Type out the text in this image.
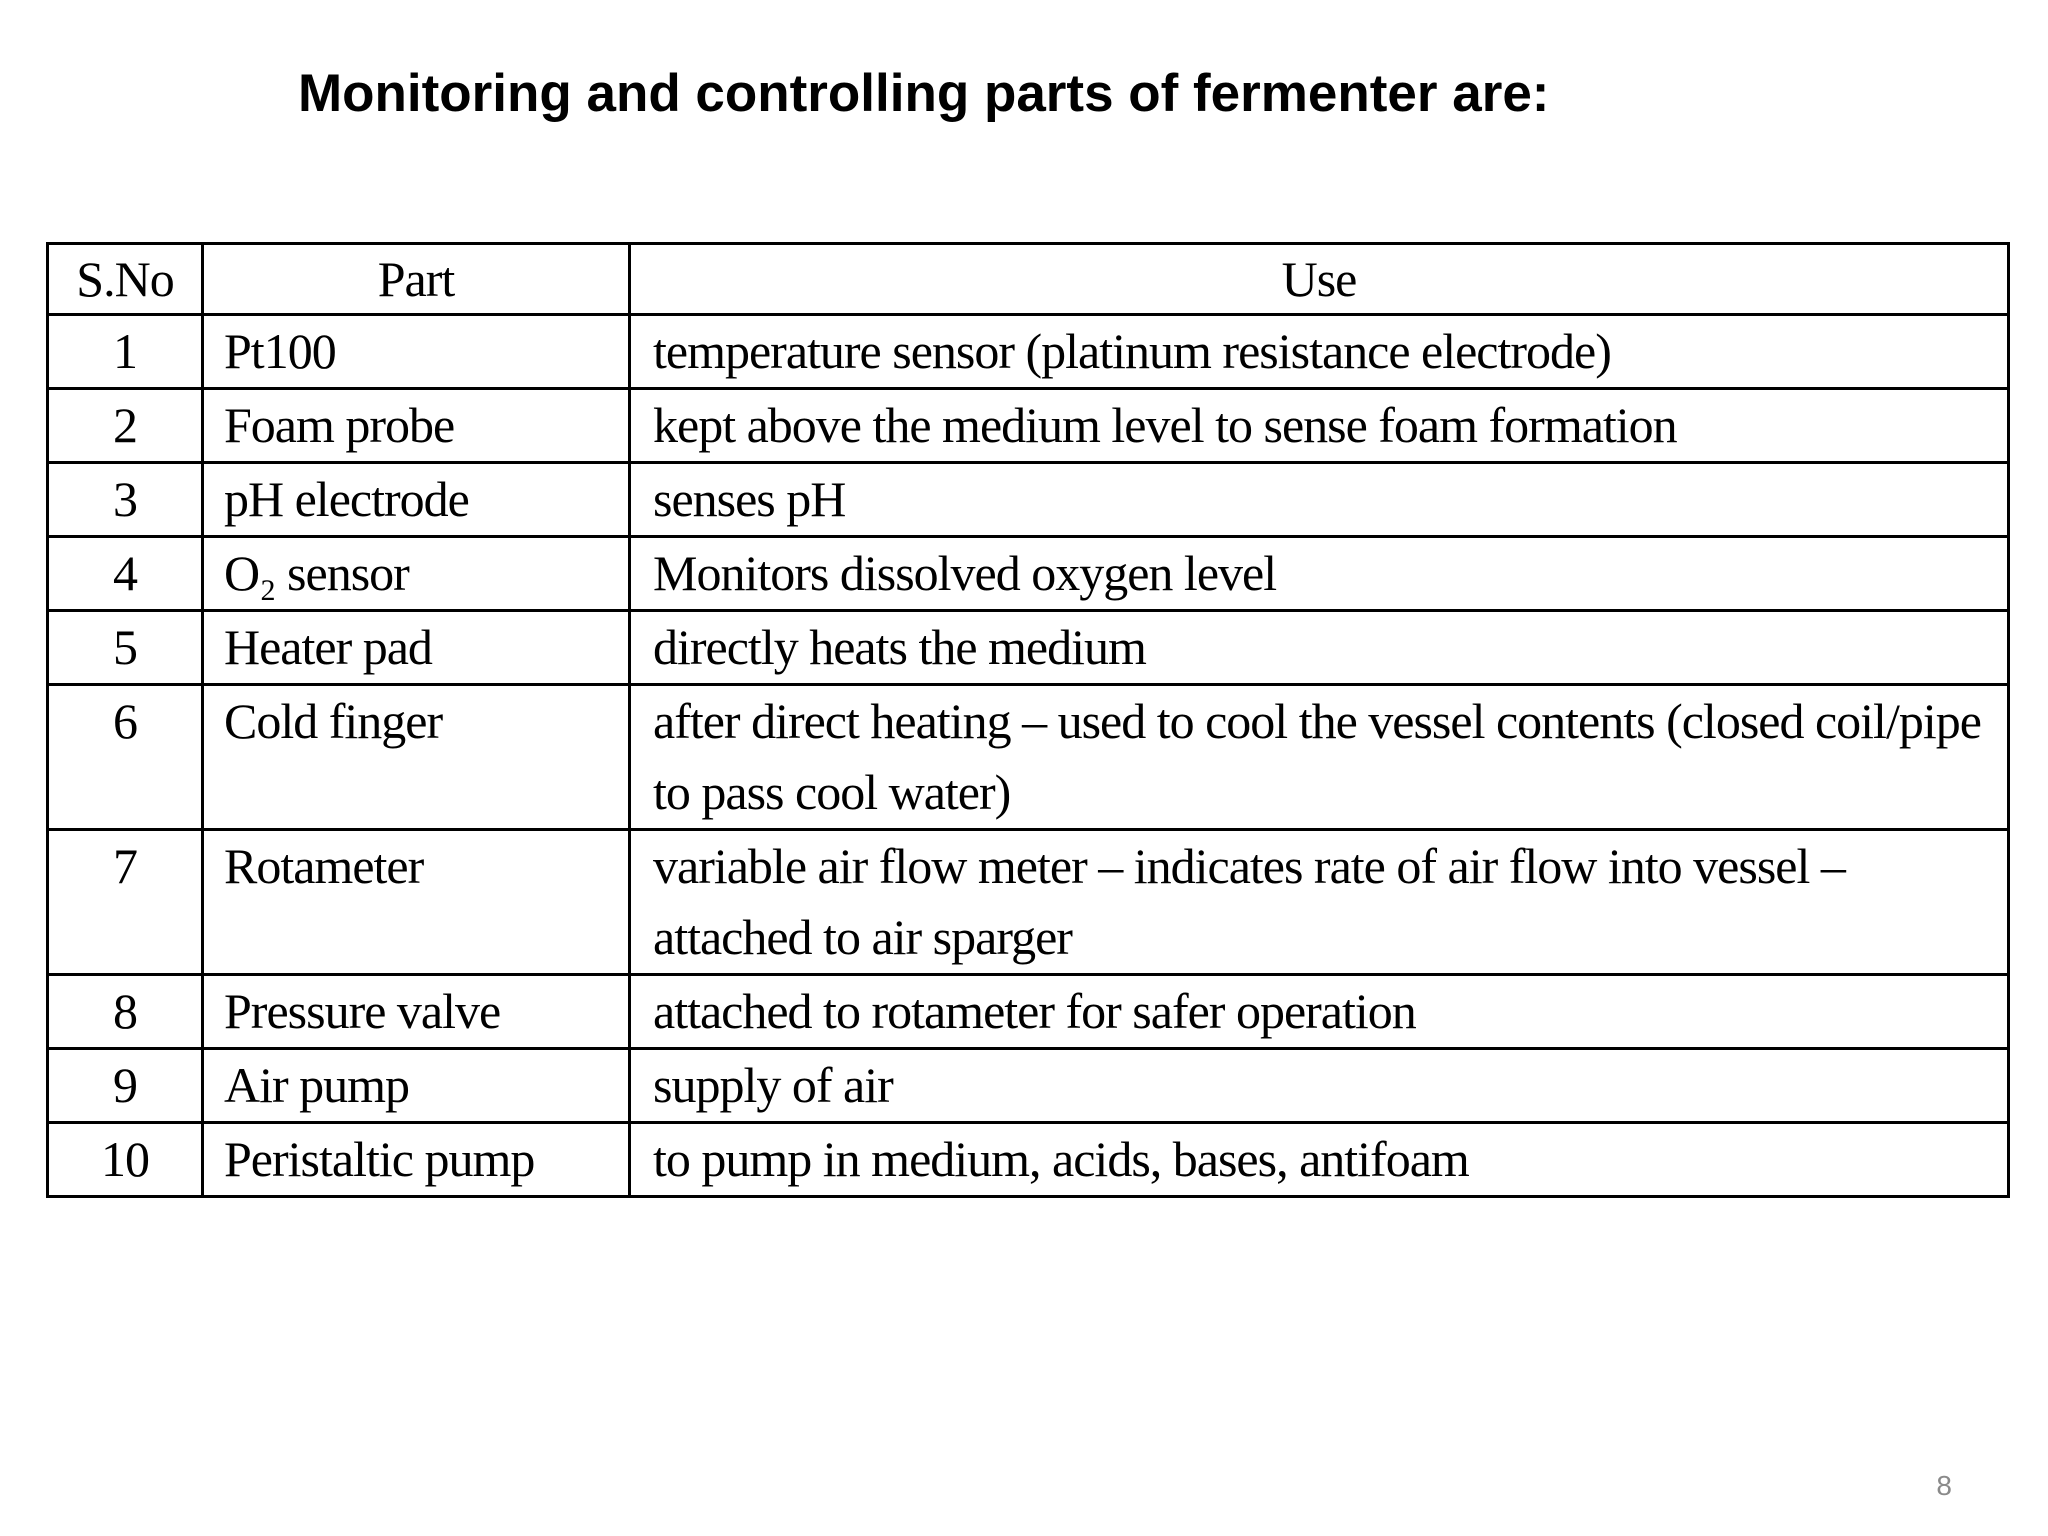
Monitoring and controlling parts of fermenter are:
S.No	Part	Use
1	Pt100	temperature sensor (platinum resistance electrode)
2	Foam probe	kept above the medium level to sense foam formation
3	pH electrode	senses pH
4	O₂ sensor	Monitors dissolved oxygen level
5	Heater pad	directly heats the medium
6	Cold finger	after direct heating – used to cool the vessel contents (closed coil/pipe to pass cool water)
7	Rotameter	variable air flow meter – indicates rate of air flow into vessel – attached to air sparger
8	Pressure valve	attached to rotameter for safer operation
9	Air pump	supply of air
10	Peristaltic pump	to pump in medium, acids, bases, antifoam
8
